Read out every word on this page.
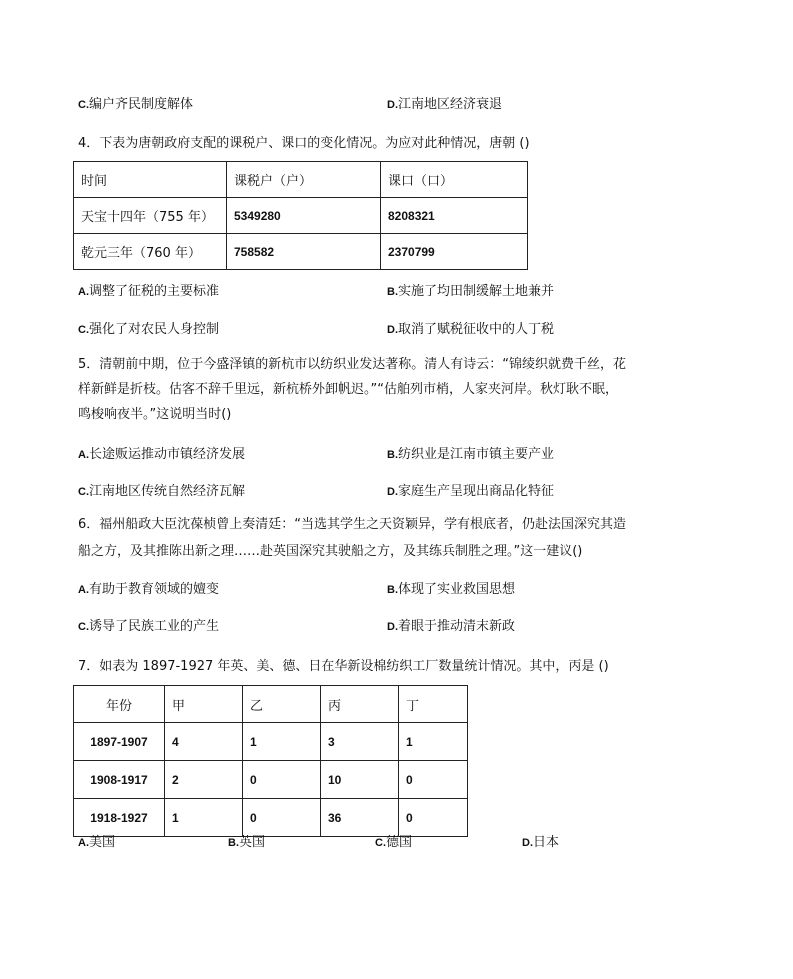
C.编户齐民制度解体	D.江南地区经济衰退
4．下表为唐朝政府支配的课税户、课口的变化情况。为应对此种情况，唐朝 ()
时间	课税户（户）	课口（口）
天宝十四年（755 年）	5349280	8208321
乾元三年（760 年）	758582	2370799
A.调整了征税的主要标准	B.实施了均田制缓解土地兼并
C.强化了对农民人身控制	D.取消了赋税征收中的人丁税
5．清朝前中期，位于今盛泽镇的新杭市以纺织业发达著称。清人有诗云：“锦绫织就费千丝，花
样新鲜是折枝。估客不辞千里远，新杭桥外卸帆迟。”“估舶列市梢，人家夹河岸。秋灯耿不眠，
鸣梭响夜半。”这说明当时()
A.长途贩运推动市镇经济发展	B.纺织业是江南市镇主要产业
C.江南地区传统自然经济瓦解	D.家庭生产呈现出商品化特征
6．福州船政大臣沈葆桢曾上奏清廷：“当选其学生之天资颖异，学有根底者，仍赴法国深究其造
船之方，及其推陈出新之理……赴英国深究其驶船之方，及其练兵制胜之理。”这一建议()
A.有助于教育领域的嬗变	B.体现了实业救国思想
C.诱导了民族工业的产生	D.着眼于推动清末新政
7．如表为 1897-1927 年英、美、德、日在华新设棉纺织工厂数量统计情况。其中，丙是 ()
年份	甲	乙	丙	丁
1897-1907	4	1	3	1
1908-1917	2	0	10	0
1918-1927	1	0	36	0
A.美国	B.英国	C.德国	D.日本
